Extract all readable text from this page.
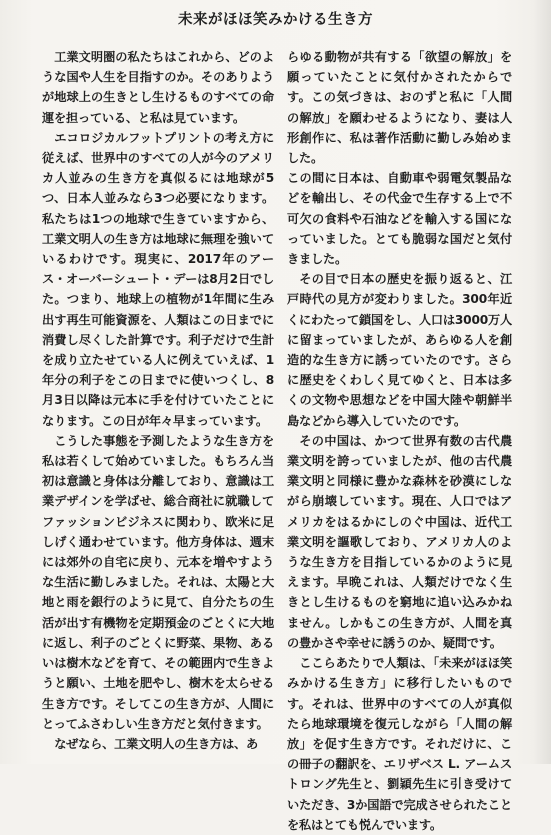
未来がほほ笑みかける生き方

工業文明圏の私たちはこれから、どのような国や人生を目指すのか。そのありようが地球上の生きとし生けるものすべての命運を担っている、と私は見ています。

エコロジカルフットプリントの考え方に従えば、世界中のすべての人が今のアメリカ人並みの生き方を真似るには地球が5つ、日本人並みなら3つ必要になります。私たちは1つの地球で生きていますから、工業文明人の生き方は地球に無理を強いているわけです。現実に、2017年のアース・オーバーシュート・デーは8月2日でした。つまり、地球上の植物が1年間に生み出す再生可能資源を、人類はこの日までに消費し尽くした計算です。利子だけで生計を成り立たせている人に例えていえば、1年分の利子をこの日までに使いつくし、8月3日以降は元本に手を付けていたことになります。この日が年々早まっています。

こうした事態を予測したような生き方を私は若くして始めていました。もちろん当初は意識と身体は分離しており、意識は工業デザインを学ばせ、総合商社に就職してファッションビジネスに関わり、欧米に足しげく通わせています。他方身体は、週末には郊外の自宅に戻り、元本を増やすような生活に勤しみました。それは、太陽と大地と雨を銀行のように見て、自分たちの生活が出す有機物を定期預金のごとくに大地に返し、利子のごとくに野菜、果物、あるいは樹木などを育て、その範囲内で生きようと願い、土地を肥やし、樹木を太らせる生き方です。そしてこの生き方が、人間にとってふさわしい生き方だと気付きます。

なぜなら、工業文明人の生き方は、あ

らゆる動物が共有する「欲望の解放」を願っていたことに気付かされたからです。この気づきは、おのずと私に「人間の解放」を願わせるようになり、妻は人形創作に、私は著作活動に勤しみ始めました。

この間に日本は、自動車や弱電気製品などを輸出し、その代金で生存する上で不可欠の食料や石油などを輸入する国になっていました。とても脆弱な国だと気付きました。

その目で日本の歴史を振り返ると、江戸時代の見方が変わりました。300年近くにわたって鎖国をし、人口は3000万人に留まっていましたが、あらゆる人を創造的な生き方に誘っていたのです。さらに歴史をくわしく見てゆくと、日本は多くの文物や思想などを中国大陸や朝鮮半島などから導入していたのです。

その中国は、かつて世界有数の古代農業文明を誇っていましたが、他の古代農業文明と同様に豊かな森林を砂漠にしながら崩壊しています。現在、人口ではアメリカをはるかにしのぐ中国は、近代工業文明を謳歌しており、アメリカ人のような生き方を目指しているかのように見えます。早晩これは、人類だけでなく生きとし生けるものを窮地に追い込みかねません。しかもこの生き方が、人間を真の豊かさや幸せに誘うのか、疑問です。

ここらあたりで人類は、「未来がほほ笑みかける生き方」に移行したいものです。それは、世界中のすべての人が真似たら地球環境を復元しながら「人間の解放」を促す生き方です。それだけに、この冊子の翻訳を、エリザベス L. アームストロング先生と、劉穎先生に引き受けていただき、3か国語で完成させられたことを私はとても悦んでいます。
